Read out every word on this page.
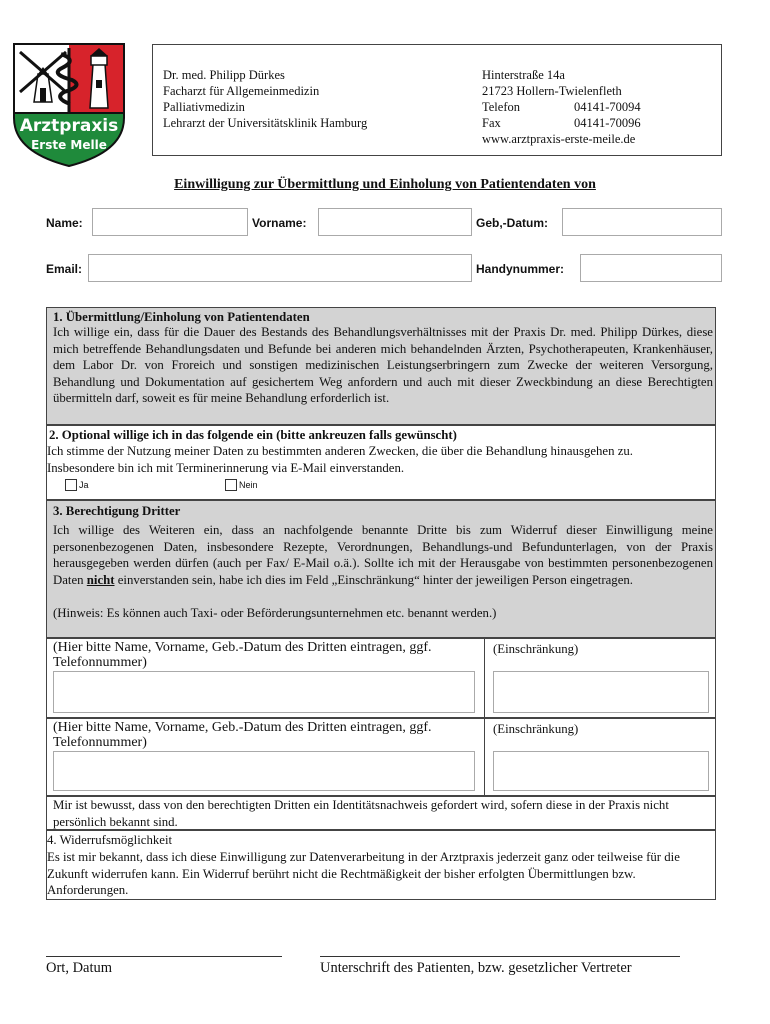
Arztpraxis
Erste Melle
Dr. med. Philipp Dürkes
Facharzt für Allgemeinmedizin
Palliativmedizin
Lehrarzt der Universitätsklinik Hamburg
Hinterstraße 14a
21723 Hollern-Twielenfleth
Telefon	04141-70094
Fax	04141-70096
www.arztpraxis-erste-meile.de
Einwilligung zur Übermittlung und Einholung von Patientendaten von
Name:	Vorname:	Geb,-Datum:
Email:	Handynummer:
1. Übermittlung/Einholung von Patientendaten
Ich willige ein, dass für die Dauer des Bestands des Behandlungsverhältnisses mit der Praxis Dr. med. Philipp Dürkes, diese mich betreffende Behandlungsdaten und Befunde bei anderen mich behandelnden Ärzten, Psychotherapeuten, Krankenhäuser, dem Labor Dr. von Froreich und sonstigen medizinischen Leistungserbringern zum Zwecke der weiteren Versorgung, Behandlung und Dokumentation auf gesichertem Weg anfordern und auch mit dieser Zweckbindung an diese Berechtigten übermitteln darf, soweit es für meine Behandlung erforderlich ist.
2. Optional willige ich in das folgende ein (bitte ankreuzen falls gewünscht)
Ich stimme der Nutzung meiner Daten zu bestimmten anderen Zwecken, die über die Behandlung hinausgehen zu. Insbesondere bin ich mit Terminerinnerung via E-Mail einverstanden.
Ja	Nein
3. Berechtigung Dritter
Ich willige des Weiteren ein, dass an nachfolgende benannte Dritte bis zum Widerruf dieser Einwilligung meine personenbezogenen Daten, insbesondere Rezepte, Verordnungen, Behandlungs-und Befundunterlagen, von der Praxis herausgegeben werden dürfen (auch per Fax/ E-Mail o.ä.). Sollte ich mit der Herausgabe von bestimmten personenbezogenen Daten nicht einverstanden sein, habe ich dies im Feld „Einschränkung“ hinter der jeweiligen Person eingetragen.
(Hinweis: Es können auch Taxi- oder Beförderungsunternehmen etc. benannt werden.)
(Hier bitte Name, Vorname, Geb.-Datum des Dritten eintragen, ggf. Telefonnummer)
(Einschränkung)
(Hier bitte Name, Vorname, Geb.-Datum des Dritten eintragen, ggf. Telefonnummer)
(Einschränkung)
Mir ist bewusst, dass von den berechtigten Dritten ein Identitätsnachweis gefordert wird, sofern diese in der Praxis nicht persönlich bekannt sind.
4. Widerrufsmöglichkeit
Es ist mir bekannt, dass ich diese Einwilligung zur Datenverarbeitung in der Arztpraxis jederzeit ganz oder teilweise für die Zukunft widerrufen kann. Ein Widerruf berührt nicht die Rechtmäßigkeit der bisher erfolgten Übermittlungen bzw. Anforderungen.
Ort, Datum	Unterschrift des Patienten, bzw. gesetzlicher Vertreter
